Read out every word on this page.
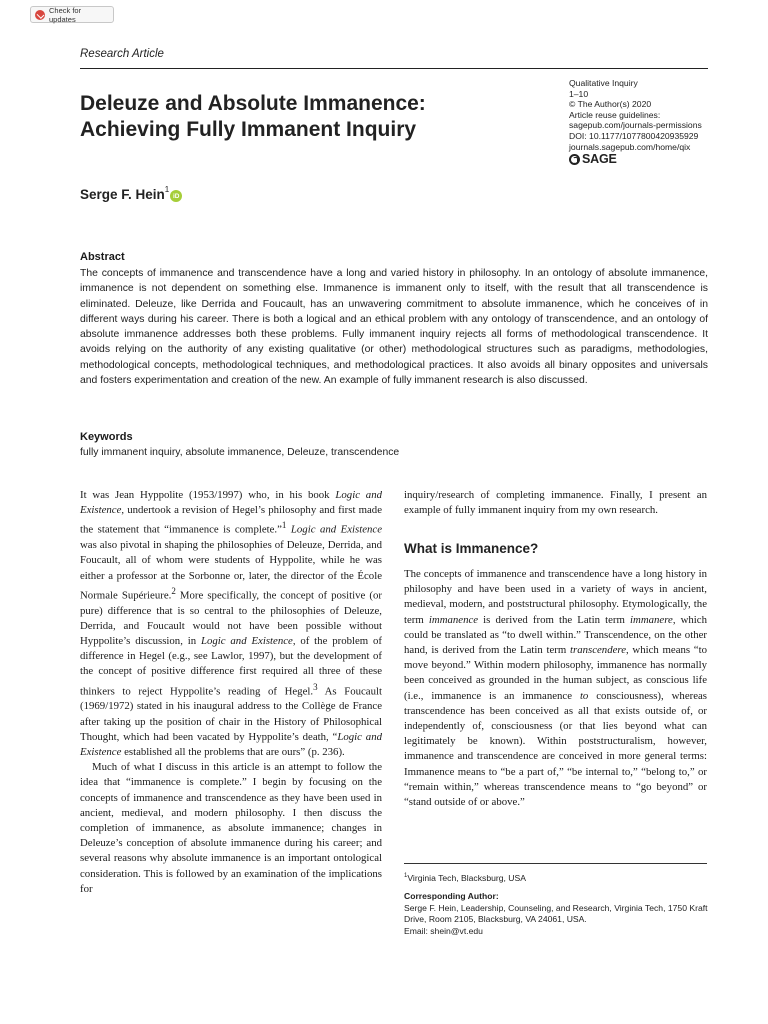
Check for updates
Research Article
Deleuze and Absolute Immanence:
Achieving Fully Immanent Inquiry
Qualitative Inquiry
1–10
© The Author(s) 2020
Article reuse guidelines:
sagepub.com/journals-permissions
DOI: 10.1177/1077800420935929
journals.sagepub.com/home/qix
SAGE
Serge F. Hein$^1$
iD
Abstract

The concepts of immanence and transcendence have a long and varied history in philosophy. In an ontology of absolute immanence, immanence is not dependent on something else. Immanence is immanent only to itself, with the result that all transcendence is eliminated. Deleuze, like Derrida and Foucault, has an unwavering commitment to absolute immanence, which he conceives of in different ways during his career. There is both a logical and an ethical problem with any ontology of transcendence, and an ontology of absolute immanence addresses both these problems. Fully immanent inquiry rejects all forms of methodological transcendence. It avoids relying on the authority of any existing qualitative (or other) methodological structures such as paradigms, methodologies, methodological concepts, methodological techniques, and methodological practices. It also avoids all binary opposites and universals and fosters experimentation and creation of the new. An example of fully immanent research is also discussed.

Keywords
fully immanent inquiry, absolute immanence, Deleuze, transcendence

It was Jean Hyppolite (1953/1997) who, in his book Logic and Existence, undertook a revision of Hegel’s philosophy and first made the statement that “immanence is complete.”$^1$ Logic and Existence was also pivotal in shaping the philosophies of Deleuze, Derrida, and Foucault, all of whom were students of Hyppolite, while he was either a professor at the Sorbonne or, later, the director of the École Normale Supérieure.$^2$ More specifically, the concept of positive (or pure) difference that is so central to the philosophies of Deleuze, Derrida, and Foucault would not have been possible without Hyppolite’s discussion, in Logic and Existence, of the problem of difference in Hegel (e.g., see Lawlor, 1997), but the development of the concept of positive difference first required all three of these thinkers to reject Hyppolite’s reading of Hegel.$^3$ As Foucault (1969/1972) stated in his inaugural address to the Collège de France after taking up the position of chair in the History of Philosophical Thought, which had been vacated by Hyppolite’s death, “Logic and Existence established all the problems that are ours” (p. 236).

Much of what I discuss in this article is an attempt to follow the idea that “immanence is complete.” I begin by focusing on the concepts of immanence and transcendence as they have been used in ancient, medieval, and modern philosophy. I then discuss the completion of immanence, as absolute immanence; changes in Deleuze’s conception of absolute immanence during his career; and several reasons why absolute immanence is an important ontological consideration. This is followed by an examination of the implications for

inquiry/research of completing immanence. Finally, I present an example of fully immanent inquiry from my own research.

What is Immanence?

The concepts of immanence and transcendence have a long history in philosophy and have been used in a variety of ways in ancient, medieval, modern, and poststructural philosophy. Etymologically, the term immanence is derived from the Latin term immanere, which could be translated as “to dwell within.” Transcendence, on the other hand, is derived from the Latin term transcendere, which means “to move beyond.” Within modern philosophy, immanence has normally been conceived as grounded in the human subject, as conscious life (i.e., immanence is an immanence to consciousness), whereas transcendence has been conceived as all that exists outside of, or independently of, consciousness (or that lies beyond what can legitimately be known). Within poststructuralism, however, immanence and transcendence are conceived in more general terms: Immanence means to “be a part of,” “be internal to,” “belong to,” or “remain within,” whereas transcendence means to “go beyond” or “stand outside of or above.”

$^1$Virginia Tech, Blacksburg, USA
Corresponding Author:
Serge F. Hein, Leadership, Counseling, and Research, Virginia Tech, 1750 Kraft Drive, Room 2105, Blacksburg, VA 24061, USA.
Email: shein@vt.edu
